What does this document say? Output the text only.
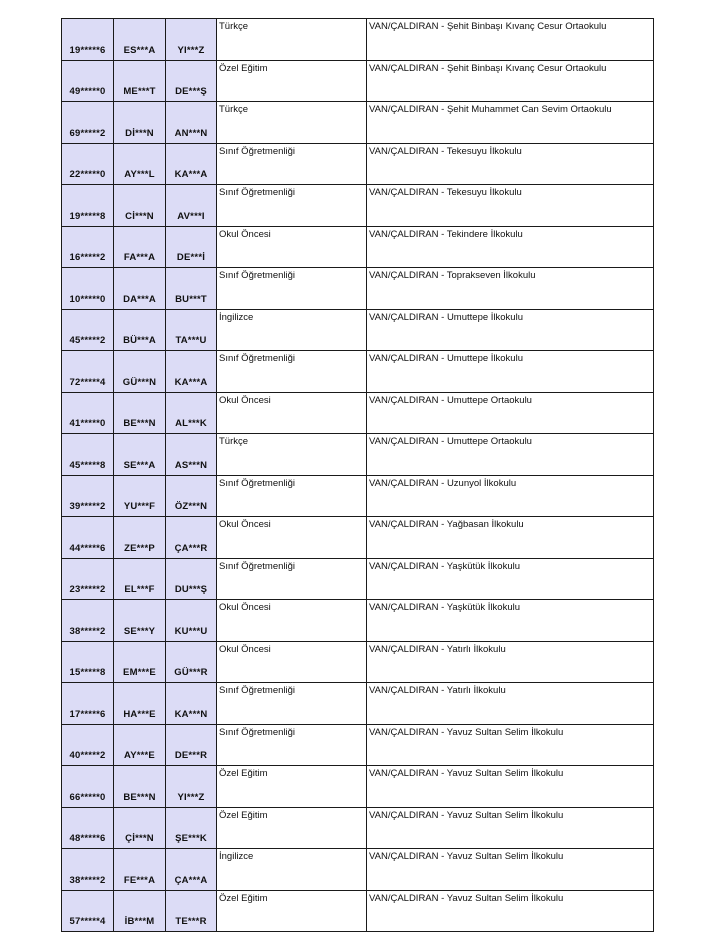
19*****6	ES***A	YI***Z	Türkçe	VAN/ÇALDIRAN - Şehit Binbaşı Kıvanç Cesur Ortaokulu
49*****0	ME***T	DE***Ş	Özel Eğitim	VAN/ÇALDIRAN - Şehit Binbaşı Kıvanç Cesur Ortaokulu
69*****2	Dİ***N	AN***N	Türkçe	VAN/ÇALDIRAN - Şehit Muhammet Can Sevim Ortaokulu
22*****0	AY***L	KA***A	Sınıf Öğretmenliği	VAN/ÇALDIRAN - Tekesuyu İlkokulu
19*****8	Cİ***N	AV***I	Sınıf Öğretmenliği	VAN/ÇALDIRAN - Tekesuyu İlkokulu
16*****2	FA***A	DE***İ	Okul Öncesi	VAN/ÇALDIRAN - Tekindere İlkokulu
10*****0	DA***A	BU***T	Sınıf Öğretmenliği	VAN/ÇALDIRAN - Toprakseven İlkokulu
45*****2	BÜ***A	TA***U	İngilizce	VAN/ÇALDIRAN - Umuttepe İlkokulu
72*****4	GÜ***N	KA***A	Sınıf Öğretmenliği	VAN/ÇALDIRAN - Umuttepe İlkokulu
41*****0	BE***N	AL***K	Okul Öncesi	VAN/ÇALDIRAN - Umuttepe Ortaokulu
45*****8	SE***A	AS***N	Türkçe	VAN/ÇALDIRAN - Umuttepe Ortaokulu
39*****2	YU***F	ÖZ***N	Sınıf Öğretmenliği	VAN/ÇALDIRAN - Uzunyol İlkokulu
44*****6	ZE***P	ÇA***R	Okul Öncesi	VAN/ÇALDIRAN - Yağbasan İlkokulu
23*****2	EL***F	DU***Ş	Sınıf Öğretmenliği	VAN/ÇALDIRAN - Yaşkütük İlkokulu
38*****2	SE***Y	KU***U	Okul Öncesi	VAN/ÇALDIRAN - Yaşkütük İlkokulu
15*****8	EM***E	GÜ***R	Okul Öncesi	VAN/ÇALDIRAN - Yatırlı İlkokulu
17*****6	HA***E	KA***N	Sınıf Öğretmenliği	VAN/ÇALDIRAN - Yatırlı İlkokulu
40*****2	AY***E	DE***R	Sınıf Öğretmenliği	VAN/ÇALDIRAN - Yavuz Sultan Selim İlkokulu
66*****0	BE***N	YI***Z	Özel Eğitim	VAN/ÇALDIRAN - Yavuz Sultan Selim İlkokulu
48*****6	Çİ***N	ŞE***K	Özel Eğitim	VAN/ÇALDIRAN - Yavuz Sultan Selim İlkokulu
38*****2	FE***A	ÇA***A	İngilizce	VAN/ÇALDIRAN - Yavuz Sultan Selim İlkokulu
57*****4	İB***M	TE***R	Özel Eğitim	VAN/ÇALDIRAN - Yavuz Sultan Selim İlkokulu
